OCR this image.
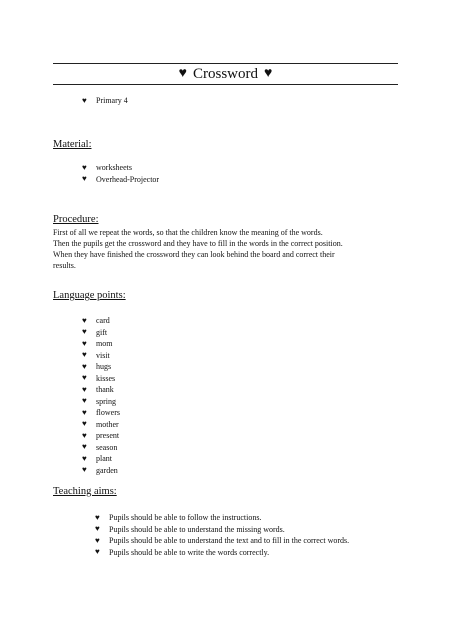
♥ Crossword ♥
♥	Primary 4
Material:
♥	worksheets
♥	Overhead-Projector
Procedure:

First of all we repeat the words, so that the children know the meaning of the words.

Then the pupils get the crossword and they have to fill in the words in the correct position.

When they have finished the crossword they can look behind the board and correct their

results.

Language points:
♥	card
♥	gift
♥	mom
♥	visit
♥	hugs
♥	kisses
♥	thank
♥	spring
♥	flowers
♥	mother
♥	present
♥	season
♥	plant
♥	garden
Teaching aims:
♥	Pupils should be able to follow the instructions.
♥	Pupils should be able to understand the missing words.
♥	Pupils should be able to understand the text and to fill in the correct words.
♥	Pupils should be able to write the words correctly.
